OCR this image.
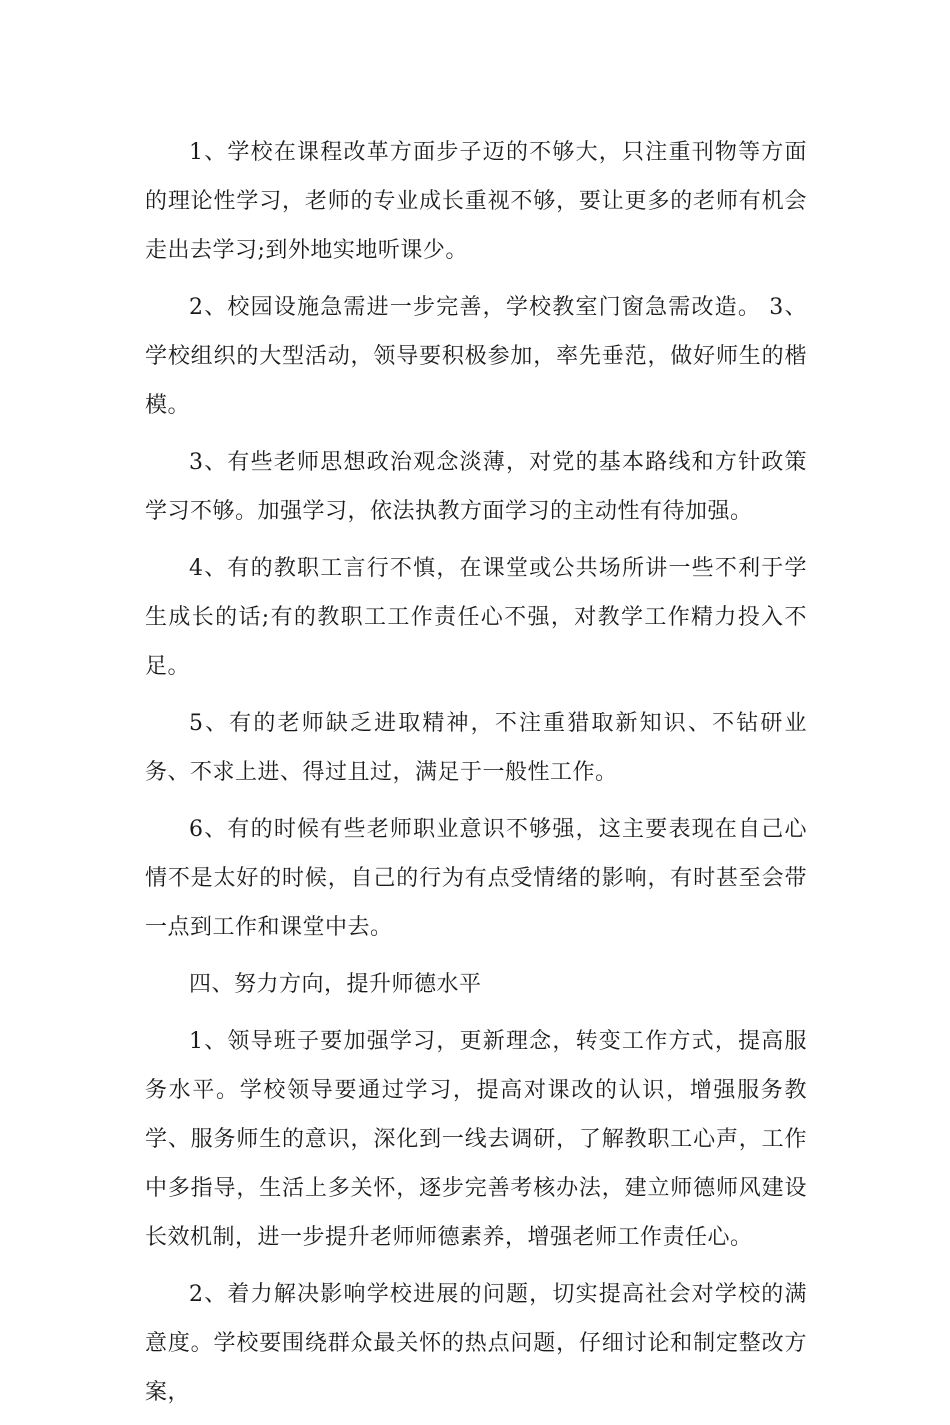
1、学校在课程改革方面步子迈的不够大，只注重刊物等方面的理论性学习，老师的专业成长重视不够，要让更多的老师有机会走出去学习;到外地实地听课少。

2、校园设施急需进一步完善，学校教室门窗急需改造。 3、学校组织的大型活动，领导要积极参加，率先垂范，做好师生的楷模。

3、有些老师思想政治观念淡薄，对党的基本路线和方针政策学习不够。加强学习，依法执教方面学习的主动性有待加强。

4、有的教职工言行不慎，在课堂或公共场所讲一些不利于学生成长的话;有的教职工工作责任心不强，对教学工作精力投入不足。

5、有的老师缺乏进取精神，不注重猎取新知识、不钻研业务、不求上进、得过且过，满足于一般性工作。

6、有的时候有些老师职业意识不够强，这主要表现在自己心情不是太好的时候，自己的行为有点受情绪的影响，有时甚至会带一点到工作和课堂中去。

四、努力方向，提升师德水平

1、领导班子要加强学习，更新理念，转变工作方式，提高服务水平。学校领导要通过学习，提高对课改的认识，增强服务教学、服务师生的意识，深化到一线去调研，了解教职工心声，工作中多指导，生活上多关怀，逐步完善考核办法，建立师德师风建设长效机制，进一步提升老师师德素养，增强老师工作责任心。

2、着力解决影响学校进展的问题，切实提高社会对学校的满意度。学校要围绕群众最关怀的热点问题，仔细讨论和制定整改方案，
